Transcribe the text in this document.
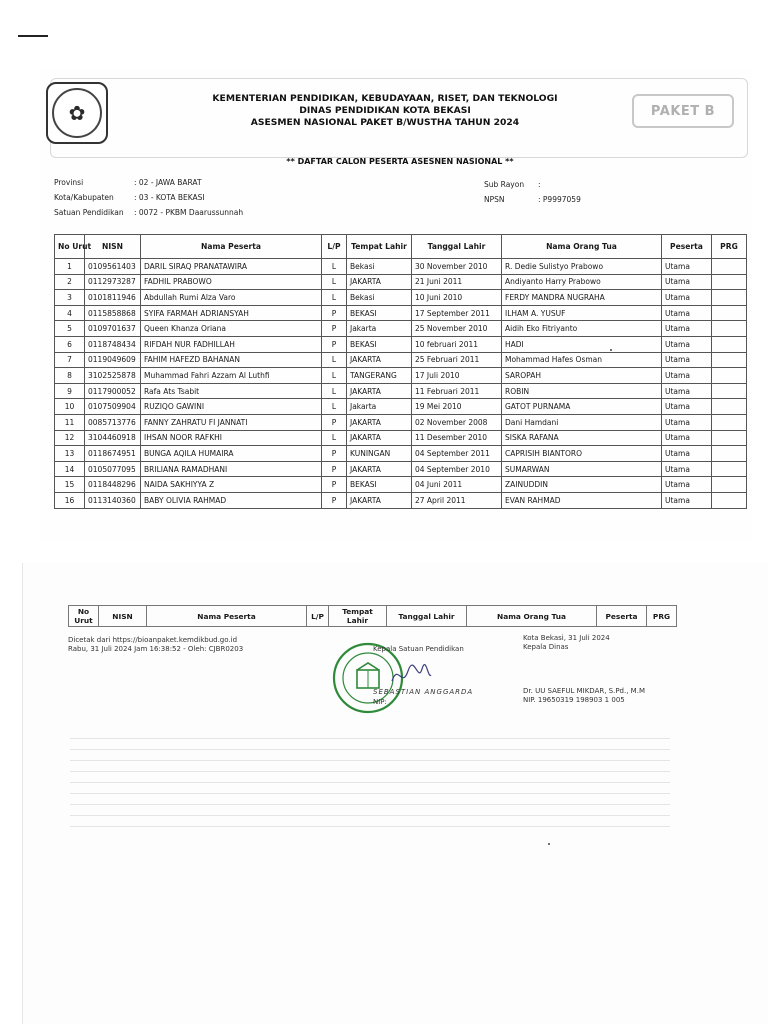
✿
KEMENTERIAN PENDIDIKAN, KEBUDAYAAN, RISET, DAN TEKNOLOGI
DINAS PENDIDIKAN KOTA BEKASI
ASESMEN NASIONAL PAKET B/WUSTHA TAHUN 2024
PAKET B
** DAFTAR CALON PESERTA ASESNEN NASIONAL **
Provinsi	: 02 - JAWA BARAT
Kota/Kabupaten	: 03 - KOTA BEKASI
Satuan Pendidikan	: 0072 - PKBM Daarussunnah
Sub Rayon	:
NPSN	: P9997059
No Urut	NISN	Nama Peserta	L/P	Tempat Lahir	Tanggal Lahir	Nama Orang Tua	Peserta	PRG
1	0109561403	DARIL SIRAQ PRANATAWIRA	L	Bekasi	30 November 2010	R. Dedie Sulistyo Prabowo	Utama	
2	0112973287	FADHIL PRABOWO	L	JAKARTA	21 Juni 2011	Andiyanto Harry Prabowo	Utama	
3	0101811946	Abdullah Rumi Alza Varo	L	Bekasi	10 Juni 2010	FERDY MANDRA NUGRAHA	Utama	
4	0115858868	SYIFA FARMAH ADRIANSYAH	P	BEKASI	17 September 2011	ILHAM A. YUSUF	Utama	
5	0109701637	Queen Khanza Oriana	P	Jakarta	25 November 2010	Aidih Eko Fitriyanto	Utama	
6	0118748434	RIFDAH NUR FADHILLAH	P	BEKASI	10 februari 2011	HADI	Utama	
7	0119049609	FAHIM HAFEZD BAHANAN	L	JAKARTA	25 Februari 2011	Mohammad Hafes Osman	Utama	
8	3102525878	Muhammad Fahri Azzam Al Luthfi	L	TANGERANG	17 Juli 2010	SAROPAH	Utama	
9	0117900052	Rafa Ats Tsabit	L	JAKARTA	11 Februari 2011	ROBIN	Utama	
10	0107509904	RUZIQO GAWINI	L	Jakarta	19 Mei 2010	GATOT PURNAMA	Utama	
11	0085713776	FANNY ZAHRATU FI JANNATI	P	JAKARTA	02 November 2008	Dani Hamdani	Utama	
12	3104460918	IHSAN NOOR RAFKHI	L	JAKARTA	11 Desember 2010	SISKA RAFANA	Utama	
13	0118674951	BUNGA AQILA HUMAIRA	P	KUNINGAN	04 September 2011	CAPRISIH BIANTORO	Utama	
14	0105077095	BRILIANA RAMADHANI	P	JAKARTA	04 September 2010	SUMARWAN	Utama	
15	0118448296	NAIDA SAKHIYYA Z	P	BEKASI	04 Juni 2011	ZAINUDDIN	Utama	
16	0113140360	BABY OLIVIA RAHMAD	P	JAKARTA	27 April 2011	EVAN RAHMAD	Utama	
No Urut	NISN	Nama Peserta	L/P	Tempat Lahir	Tanggal Lahir	Nama Orang Tua	Peserta	PRG
Dicetak dari https://bioanpaket.kemdikbud.go.id
Rabu, 31 Juli 2024 Jam 16:38:52 - Oleh: CJBR0203	Kepala Satuan Pendidikan
SEBASTIAN ANGGARDA
NIP:
Kota Bekasi, 31 Juli 2024
Kepala Dinas
Dr. UU SAEFUL MIKDAR, S.Pd., M.M
NIP. 19650319 198903 1 005
